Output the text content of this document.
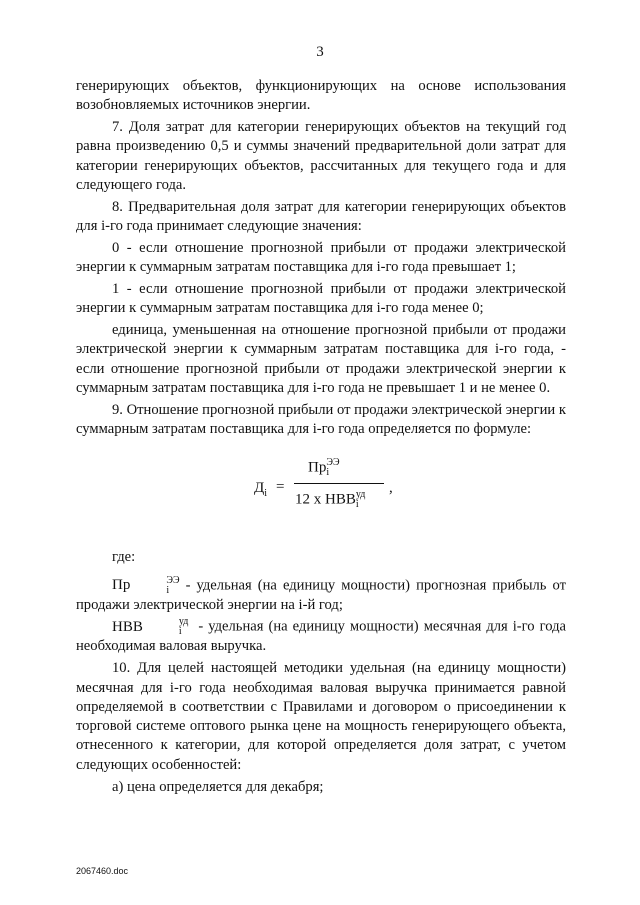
3

генерирующих объектов, функционирующих на основе использования возобновляемых источников энергии.

7. Доля затрат для категории генерирующих объектов на текущий год равна произведению 0,5 и суммы значений предварительной доли затрат для категории генерирующих объектов, рассчитанных для текущего года и для следующего года.

8. Предварительная доля затрат для категории генерирующих объектов для i-го года принимает следующие значения:

0 - если отношение прогнозной прибыли от продажи электрической энергии к суммарным затратам поставщика для i-го года превышает 1;

1 - если отношение прогнозной прибыли от продажи электрической энергии к суммарным затратам поставщика для i-го года менее 0;

единица, уменьшенная на отношение прогнозной прибыли от продажи электрической энергии к суммарным затратам поставщика для i-го года, - если отношение прогнозной прибыли от продажи электрической энергии к суммарным затратам поставщика для i-го года не превышает 1 и не менее 0.

9. Отношение прогнозной прибыли от продажи электрической энергии к суммарным затратам поставщика для i-го года определяется по формуле:

$Д_i$ =
Пр ЭЭ
i
12 x НВВ уд
i
,

где:

Пр	ЭЭ
i	- удельная (на единицу мощности) прогнозная прибыль от продажи электрической энергии на i-й год;

НВВ	уд
i	- удельная (на единицу мощности) месячная для i-го года необходимая валовая выручка.

10. Для целей настоящей методики удельная (на единицу мощности) месячная для i-го года необходимая валовая выручка принимается равной определяемой в соответствии с Правилами и договором о присоединении к торговой системе оптового рынка цене на мощность генерирующего объекта, отнесенного к категории, для которой определяется доля затрат, с учетом следующих особенностей:

а) цена определяется для декабря;

2067460.doc
